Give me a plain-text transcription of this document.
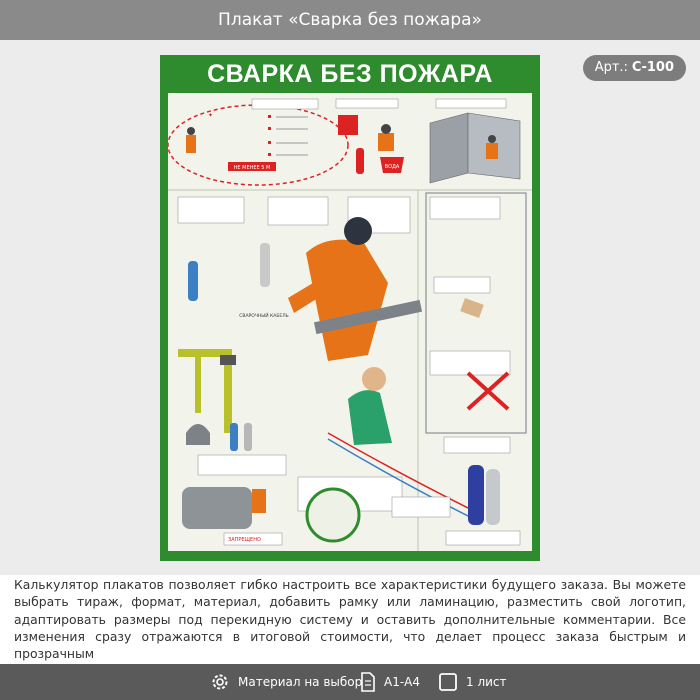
Плакат «Сварка без пожара»
Арт.: С-100
СВАРКА БЕЗ ПОЖАРА
✦
НЕ МЕНЕЕ 5 М	ВОДА
СВАРОЧНЫЙ КАБЕЛЬ
ЗАПРЕЩЕНО
Калькулятор плакатов позволяет гибко настроить все характеристики будущего заказа. Вы можете выбрать тираж, формат, материал, добавить рамку или ламинацию, разместить свой логотип, адаптировать размеры под перекидную систему и оставить дополнительные комментарии. Все изменения сразу отражаются в итоговой стоимости, что делает процесс заказа быстрым и прозрачным
Материал на выбор А1-А4	1 лист
